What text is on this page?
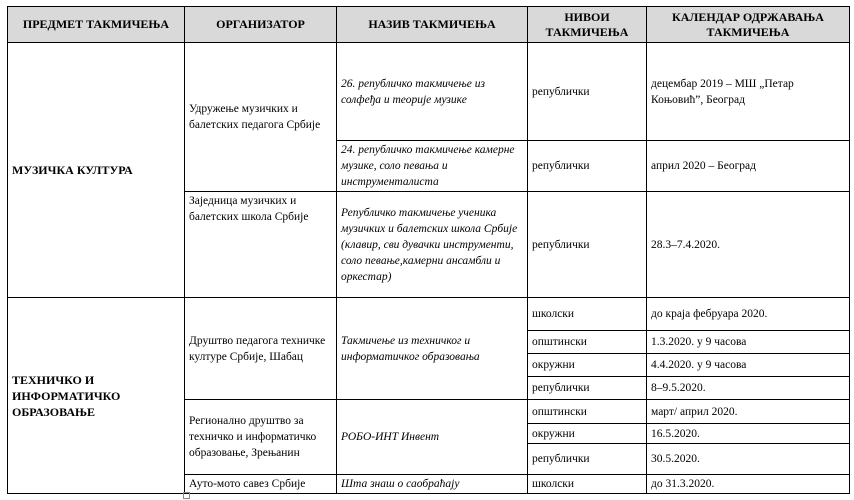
ПРЕДМЕТ ТАКМИЧЕЊА	ОРГАНИЗАТОР	НАЗИВ ТАКМИЧЕЊА	НИВОИ ТАКМИЧЕЊА	КАЛЕНДАР ОДРЖАВАЊА ТАКМИЧЕЊА
МУЗИЧКА КУЛТУРА	Удружење музичких и балетских педагога Србије	26. републичко такмичење из солфеђа и теорије музике	републички	децембар 2019 – МШ „Петар Коњовић”, Београд
		24. републичко такмичење камерне музике, соло певања и инструменталиста	републички	април 2020 – Београд
	Заједница музичких и балетских школа Србије	Републичко такмичење ученика музичких и балетских школа Србије (клавир, сви дувачки инструменти, соло певање,камерни ансамбли и оркестар)	републички	28.3–7.4.2020.
ТЕХНИЧКО И ИНФОРМАТИЧКО ОБРАЗОВАЊЕ	Друштво педагога техничке културе Србије, Шабац	Такмичење из техничког и информатичког образовања	школски	до краја фебруара 2020.
			општински	1.3.2020. у 9 часова
			окружни	4.4.2020. у 9 часова
			републички	8–9.5.2020.
	Регионално друштво за техничко и информатичко образовање, Зрењанин	РОБО-ИНТ Инвент	општински	март/ април 2020.
			окружни	16.5.2020.
			републички	30.5.2020.
	Ауто-мото савез Србије	Шта знаш о саобраћају	школски	до 31.3.2020.
